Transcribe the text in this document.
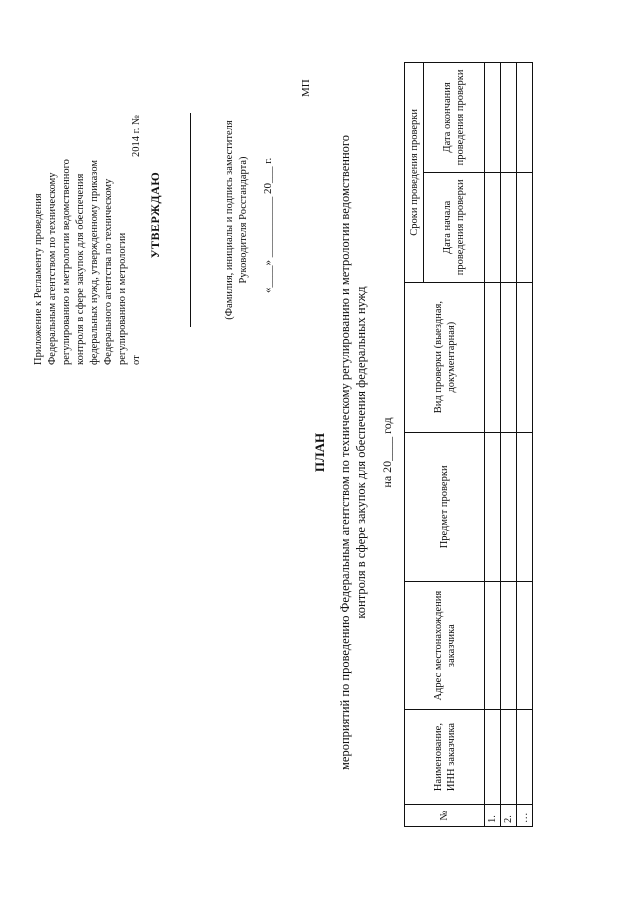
Приложение к Регламенту проведения Федеральным агентством по техническому регулированию и метрологии ведомственного контроля в сфере закупок для обеспечения федеральных нужд, утвержденному приказом Федерального агентства по техническому регулированию и метрологии от
2014 г. №
УТВЕРЖДАЮ	(Фамилия, инициалы и подпись заместителя Руководителя Росстандарта) «____» ___________ 20___ г.
МП
ПЛАН мероприятий по проведению Федеральным агентством по техническому регулированию и метрологии ведомственного контроля в сфере закупок для обеспечения федеральных нужд на 20____ год
№	Наименование, ИНН заказчика	Адрес местонахождения заказчика	Предмет проверки	Вид проверки (выездная, документарная)	Сроки проведения проверки	
					Дата начала проведения проверки	Дата окончания проведения проверки
1.						
2.						
…						
